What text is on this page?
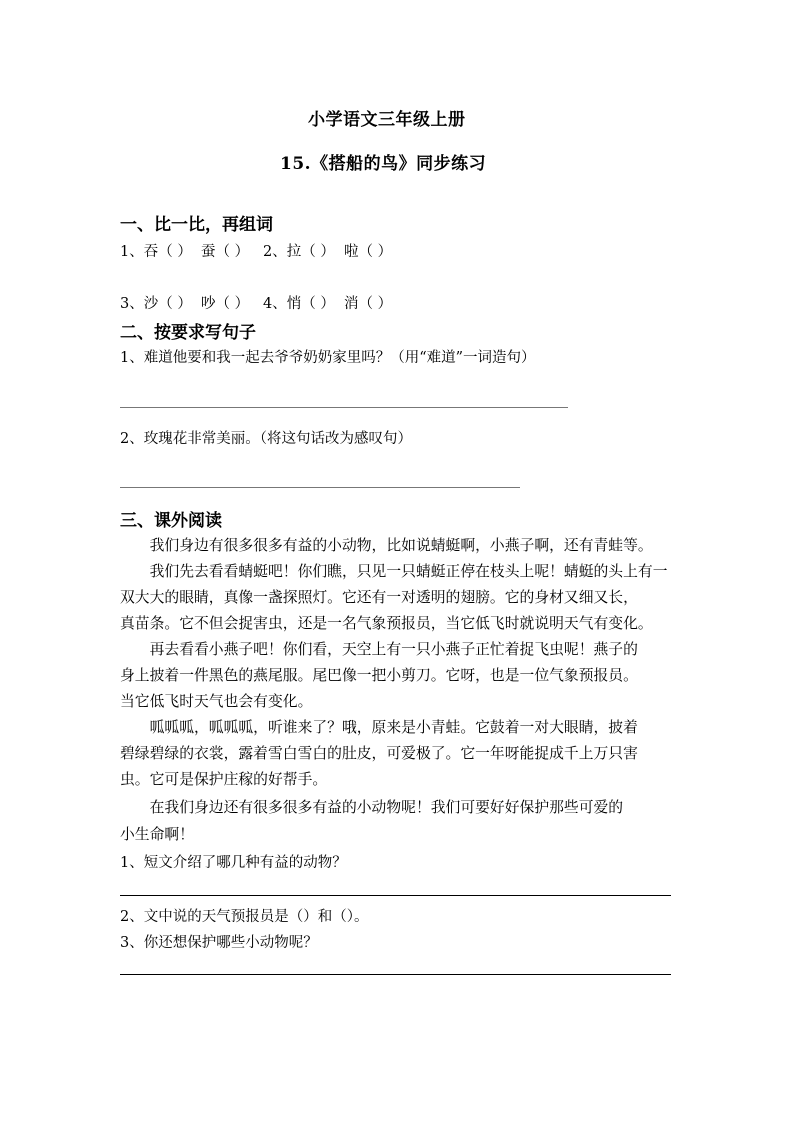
小学语文三年级上册
15.《搭船的鸟》同步练习
一、比一比，再组词
1、吞（ ）  蚕（ ）   2、拉（ ）  啦（ ）
3、沙（ ）  吵（ ）   4、悄（ ）  消（ ）
二、按要求写句子
1、难道他要和我一起去爷爷奶奶家里吗？（用“难道”一词造句）
2、玫瑰花非常美丽。（将这句话改为感叹句）
三、课外阅读
　　我们身边有很多很多有益的小动物，比如说蜻蜓啊，小燕子啊，还有青蛙等。
　　我们先去看看蜻蜓吧！你们瞧，只见一只蜻蜓正停在枝头上呢！蜻蜓的头上有一
双大大的眼睛，真像一盏探照灯。它还有一对透明的翅膀。它的身材又细又长，
真苗条。它不但会捉害虫，还是一名气象预报员，当它低飞时就说明天气有变化。
　　再去看看小燕子吧！你们看，天空上有一只小燕子正忙着捉飞虫呢！燕子的
身上披着一件黑色的燕尾服。尾巴像一把小剪刀。它呀，也是一位气象预报员。
当它低飞时天气也会有变化。
　　呱呱呱，呱呱呱，听谁来了？哦，原来是小青蛙。它鼓着一对大眼睛，披着
碧绿碧绿的衣裳，露着雪白雪白的肚皮，可爱极了。它一年呀能捉成千上万只害
虫。它可是保护庄稼的好帮手。
　　在我们身边还有很多很多有益的小动物呢！我们可要好好保护那些可爱的
小生命啊！
1、短文介绍了哪几种有益的动物？
2、文中说的天气预报员是（）和（）。
3、你还想保护哪些小动物呢？
